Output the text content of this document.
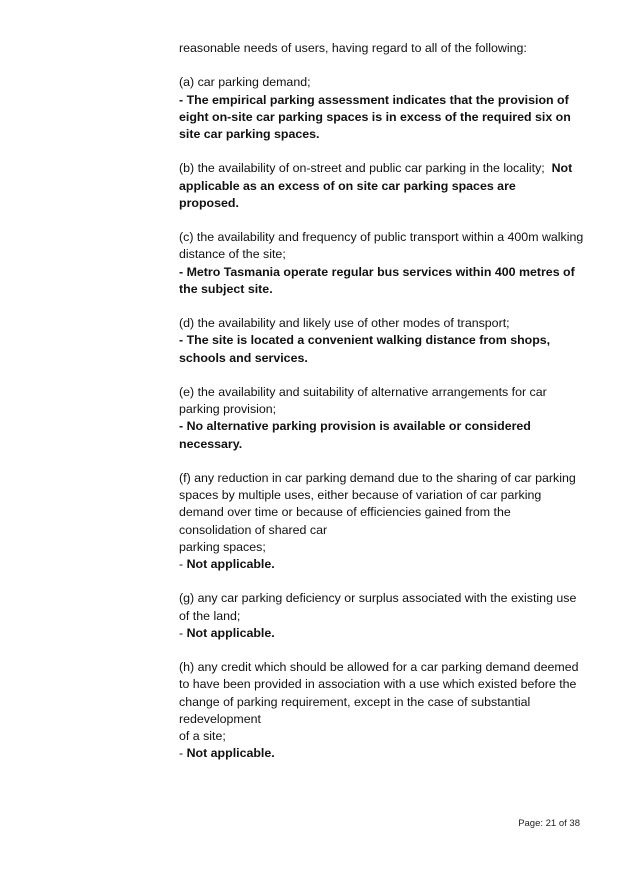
reasonable needs of users, having regard to all of the following:
(a) car parking demand;
- The empirical parking assessment indicates that the provision of
eight on-site car parking spaces is in excess of the required six on
site car parking spaces.
(b) the availability of on-street and public car parking in the locality; Not
applicable as an excess of on site car parking spaces are
proposed.
(c) the availability and frequency of public transport within a 400m walking
distance of the site;
- Metro Tasmania operate regular bus services within 400 metres of
the subject site.
(d) the availability and likely use of other modes of transport;
- The site is located a convenient walking distance from shops,
schools and services.
(e) the availability and suitability of alternative arrangements for car
parking provision;
- No alternative parking provision is available or considered
necessary.
(f) any reduction in car parking demand due to the sharing of car parking
spaces by multiple uses, either because of variation of car parking
demand over time or because of efficiencies gained from the
consolidation of shared car
parking spaces;
- Not applicable.
(g) any car parking deficiency or surplus associated with the existing use
of the land;
- Not applicable.
(h) any credit which should be allowed for a car parking demand deemed
to have been provided in association with a use which existed before the
change of parking requirement, except in the case of substantial
redevelopment
of a site;
- Not applicable.
Page: 21 of 38
